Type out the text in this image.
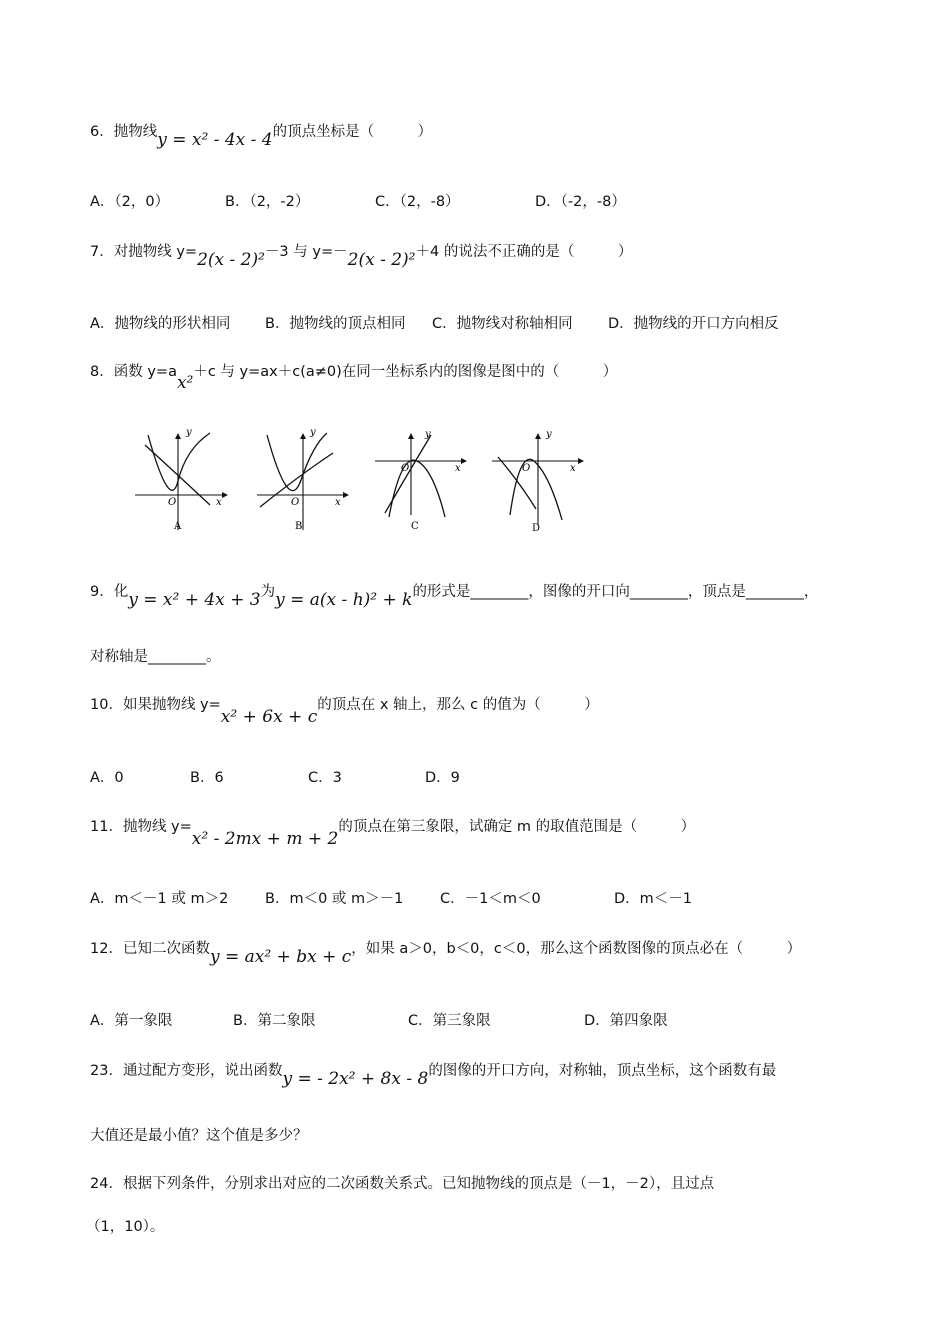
6．抛物线y = x² - 4x - 4的顶点坐标是（　　　）
A．（2，0）	B．（2，-2）	C．（2，-8）	D．（-2，-8）
7．对抛物线 y=2(x - 2)²－3 与 y=－2(x - 2)²＋4 的说法不正确的是（　　　）
A．抛物线的形状相同 B．抛物线的顶点相同 C．抛物线对称轴相同 D．抛物线的开口方向相反
8．函数 y=ax²＋c 与 y=ax＋c(a≠0)在同一坐标系内的图像是图中的（　　　）
y
x
O
A
y
x
O
B
y
x
O
C
y
x
O
D
9．化y = x² + 4x + 3为y = a(x - h)² + k的形式是________，图像的开口向________，顶点是________，
对称轴是________。
10．如果抛物线 y=x² + 6x + c的顶点在 x 轴上，那么 c 的值为（　　　）
A．0	B．6	C．3	D．9
11．抛物线 y=x² - 2mx + m + 2的顶点在第三象限，试确定 m 的取值范围是（　　　）
A．m＜－1 或 m＞2	B．m＜0 或 m＞－1	C．－1＜m＜0	D．m＜－1
12．已知二次函数y = ax² + bx + c，如果 a＞0，b＜0，c＜0，那么这个函数图像的顶点必在（　　　）
A．第一象限	B．第二象限	C．第三象限	D．第四象限
23．通过配方变形，说出函数y = - 2x² + 8x - 8的图像的开口方向，对称轴，顶点坐标，这个函数有最
大值还是最小值？这个值是多少？
24．根据下列条件，分别求出对应的二次函数关系式。已知抛物线的顶点是（－1，－2），且过点
（1，10）。
